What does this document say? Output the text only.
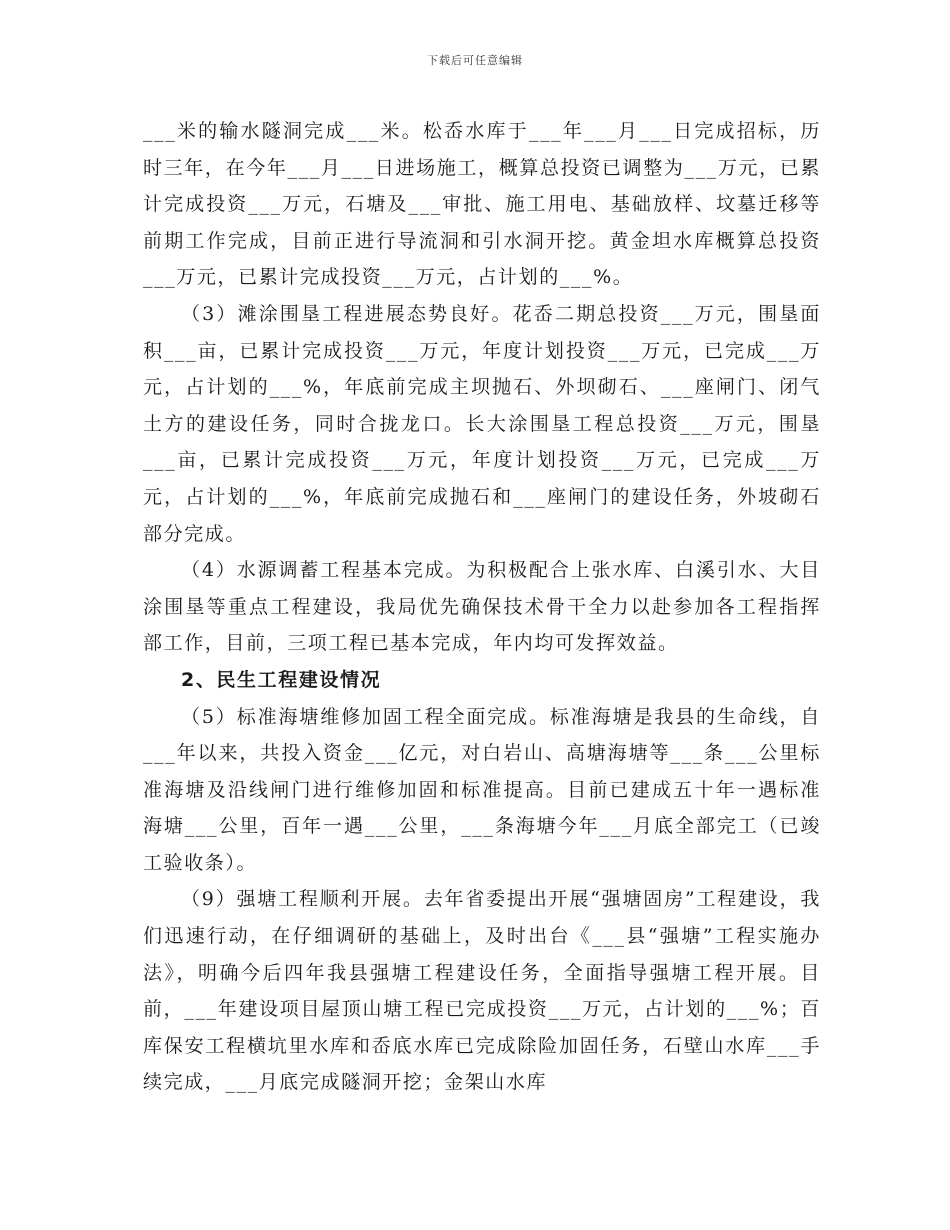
下载后可任意编辑

___米的输水隧洞完成___米。松岙水库于___年___月___日完成招标，历时三年，在今年___月___日进场施工，概算总投资已调整为___万元，已累计完成投资___万元，石塘及___审批、施工用电、基础放样、坟墓迁移等前期工作完成，目前正进行导流洞和引水洞开挖。黄金坦水库概算总投资___万元，已累计完成投资___万元，占计划的___%。

（3）滩涂围垦工程进展态势良好。花岙二期总投资___万元，围垦面积___亩，已累计完成投资___万元，年度计划投资___万元，已完成___万元，占计划的___%，年底前完成主坝抛石、外坝砌石、___座闸门、闭气土方的建设任务，同时合拢龙口。长大涂围垦工程总投资___万元，围垦___亩，已累计完成投资___万元，年度计划投资___万元，已完成___万元，占计划的___%，年底前完成抛石和___座闸门的建设任务，外坡砌石部分完成。

（4）水源调蓄工程基本完成。为积极配合上张水库、白溪引水、大目涂围垦等重点工程建设，我局优先确保技术骨干全力以赴参加各工程指挥部工作，目前，三项工程已基本完成，年内均可发挥效益。

2、民生工程建设情况

（5）标准海塘维修加固工程全面完成。标准海塘是我县的生命线，自___年以来，共投入资金___亿元，对白岩山、高塘海塘等___条___公里标准海塘及沿线闸门进行维修加固和标准提高。目前已建成五十年一遇标准海塘___公里，百年一遇___公里，___条海塘今年___月底全部完工（已竣工验收条）。

（9）强塘工程顺利开展。去年省委提出开展“强塘固房”工程建设，我们迅速行动，在仔细调研的基础上，及时出台《___县“强塘”工程实施办法》，明确今后四年我县强塘工程建设任务，全面指导强塘工程开展。目前，___年建设项目屋顶山塘工程已完成投资___万元，占计划的___%；百库保安工程横坑里水库和岙底水库已完成除险加固任务，石壁山水库___手续完成，___月底完成隧洞开挖；金架山水库
